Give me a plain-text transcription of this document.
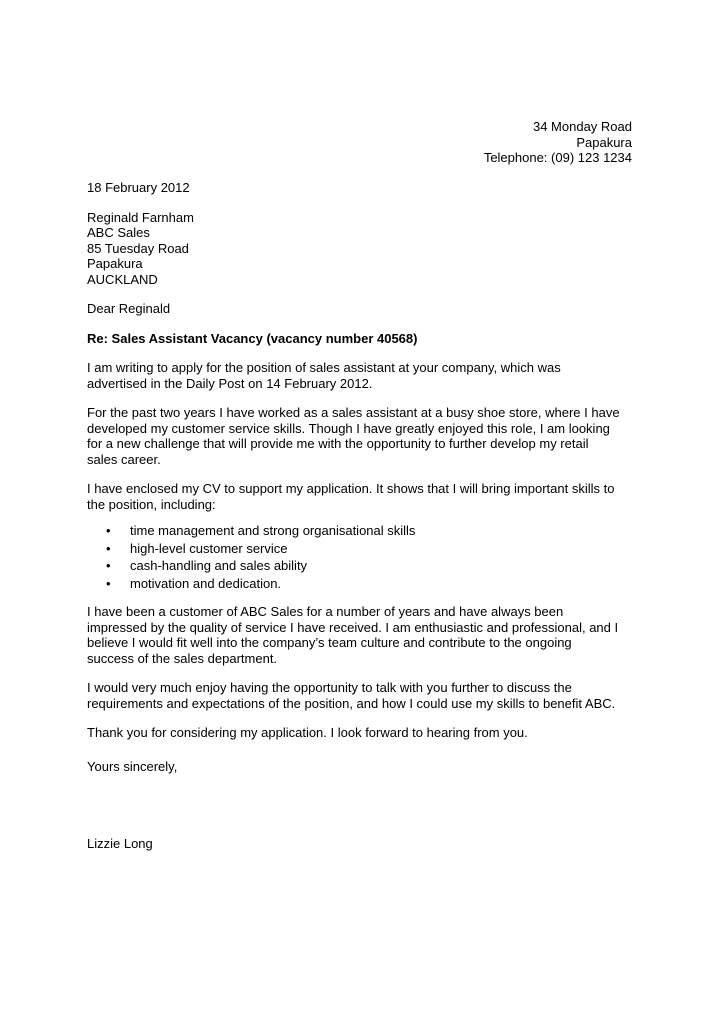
34 Monday Road
Papakura
Telephone: (09) 123 1234
18 February 2012
Reginald Farnham
ABC Sales
85 Tuesday Road
Papakura
AUCKLAND
Dear Reginald
Re: Sales Assistant Vacancy (vacancy number 40568)
I am writing to apply for the position of sales assistant at your company, which was
advertised in the Daily Post on 14 February 2012.
For the past two years I have worked as a sales assistant at a busy shoe store, where I have
developed my customer service skills. Though I have greatly enjoyed this role, I am looking
for a new challenge that will provide me with the opportunity to further develop my retail
sales career.
I have enclosed my CV to support my application. It shows that I will bring important skills to
the position, including:
• time management and strong organisational skills
• high-level customer service
• cash-handling and sales ability
• motivation and dedication.
I have been a customer of ABC Sales for a number of years and have always been
impressed by the quality of service I have received. I am enthusiastic and professional, and I
believe I would fit well into the company’s team culture and contribute to the ongoing
success of the sales department.
I would very much enjoy having the opportunity to talk with you further to discuss the
requirements and expectations of the position, and how I could use my skills to benefit ABC.
Thank you for considering my application. I look forward to hearing from you.
Yours sincerely,
Lizzie Long
